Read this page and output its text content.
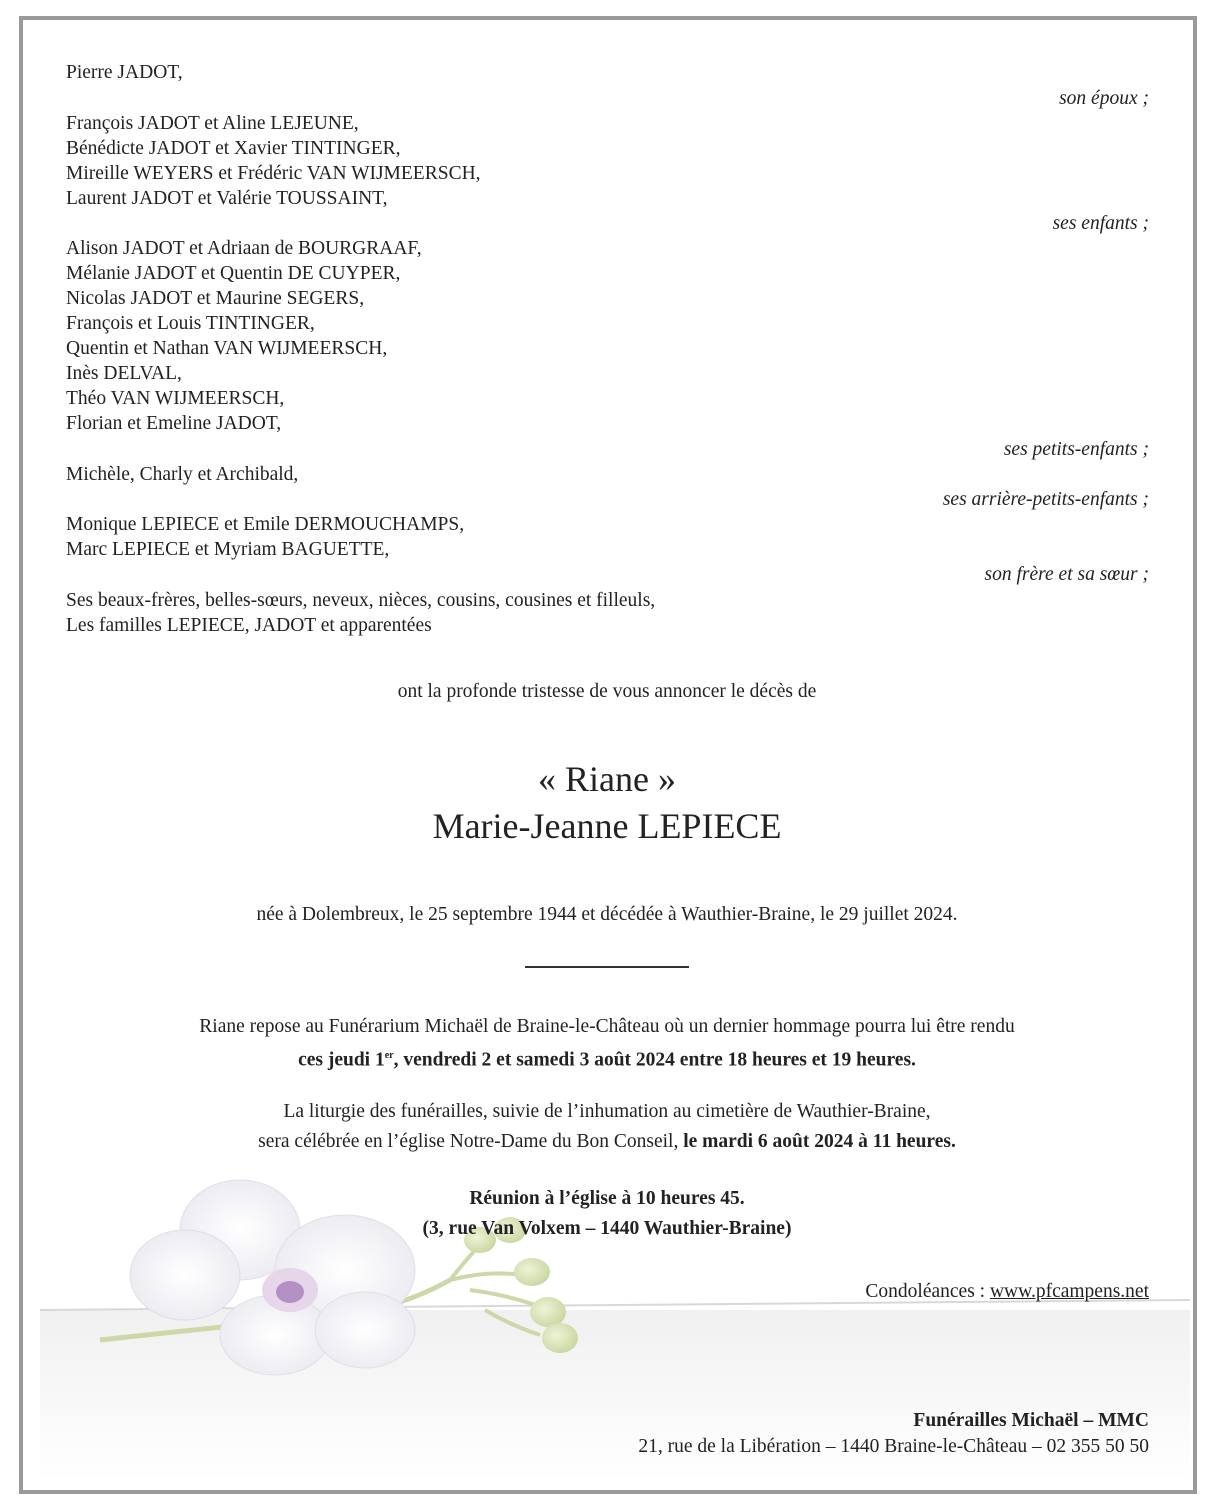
Pierre JADOT,
son époux ;
François JADOT et Aline LEJEUNE,
Bénédicte JADOT et Xavier TINTINGER,
Mireille WEYERS et Frédéric VAN WIJMEERSCH,
Laurent JADOT et Valérie TOUSSAINT,
ses enfants ;
Alison JADOT et Adriaan de BOURGRAAF,
Mélanie JADOT et Quentin DE CUYPER,
Nicolas JADOT et Maurine SEGERS,
François et Louis TINTINGER,
Quentin et Nathan VAN WIJMEERSCH,
Inès DELVAL,
Théo VAN WIJMEERSCH,
Florian et Emeline JADOT,
ses petits-enfants ;
Michèle, Charly et Archibald,
ses arrière-petits-enfants ;
Monique LEPIECE et Emile DERMOUCHAMPS,
Marc LEPIECE et Myriam BAGUETTE,
son frère et sa sœur ;
Ses beaux-frères, belles-sœurs, neveux, nièces, cousins, cousines et filleuls,
Les familles LEPIECE, JADOT et apparentées
ont la profonde tristesse de vous annoncer le décès de
« Riane »
Marie-Jeanne LEPIECE
née à Dolembreux, le 25 septembre 1944 et décédée à Wauthier-Braine, le 29 juillet 2024.
Riane repose au Funérarium Michaël de Braine-le-Château où un dernier hommage pourra lui être rendu
ces jeudi 1er, vendredi 2 et samedi 3 août 2024 entre 18 heures et 19 heures.
La liturgie des funérailles, suivie de l’inhumation au cimetière de Wauthier-Braine,
sera célébrée en l’église Notre-Dame du Bon Conseil, le mardi 6 août 2024 à 11 heures.
Réunion à l’église à 10 heures 45.
(3, rue Van Volxem – 1440 Wauthier-Braine)
Condoléances : www.pfcampens.net
Funérailles Michaël – MMC
21, rue de la Libération – 1440 Braine-le-Château – 02 355 50 50
